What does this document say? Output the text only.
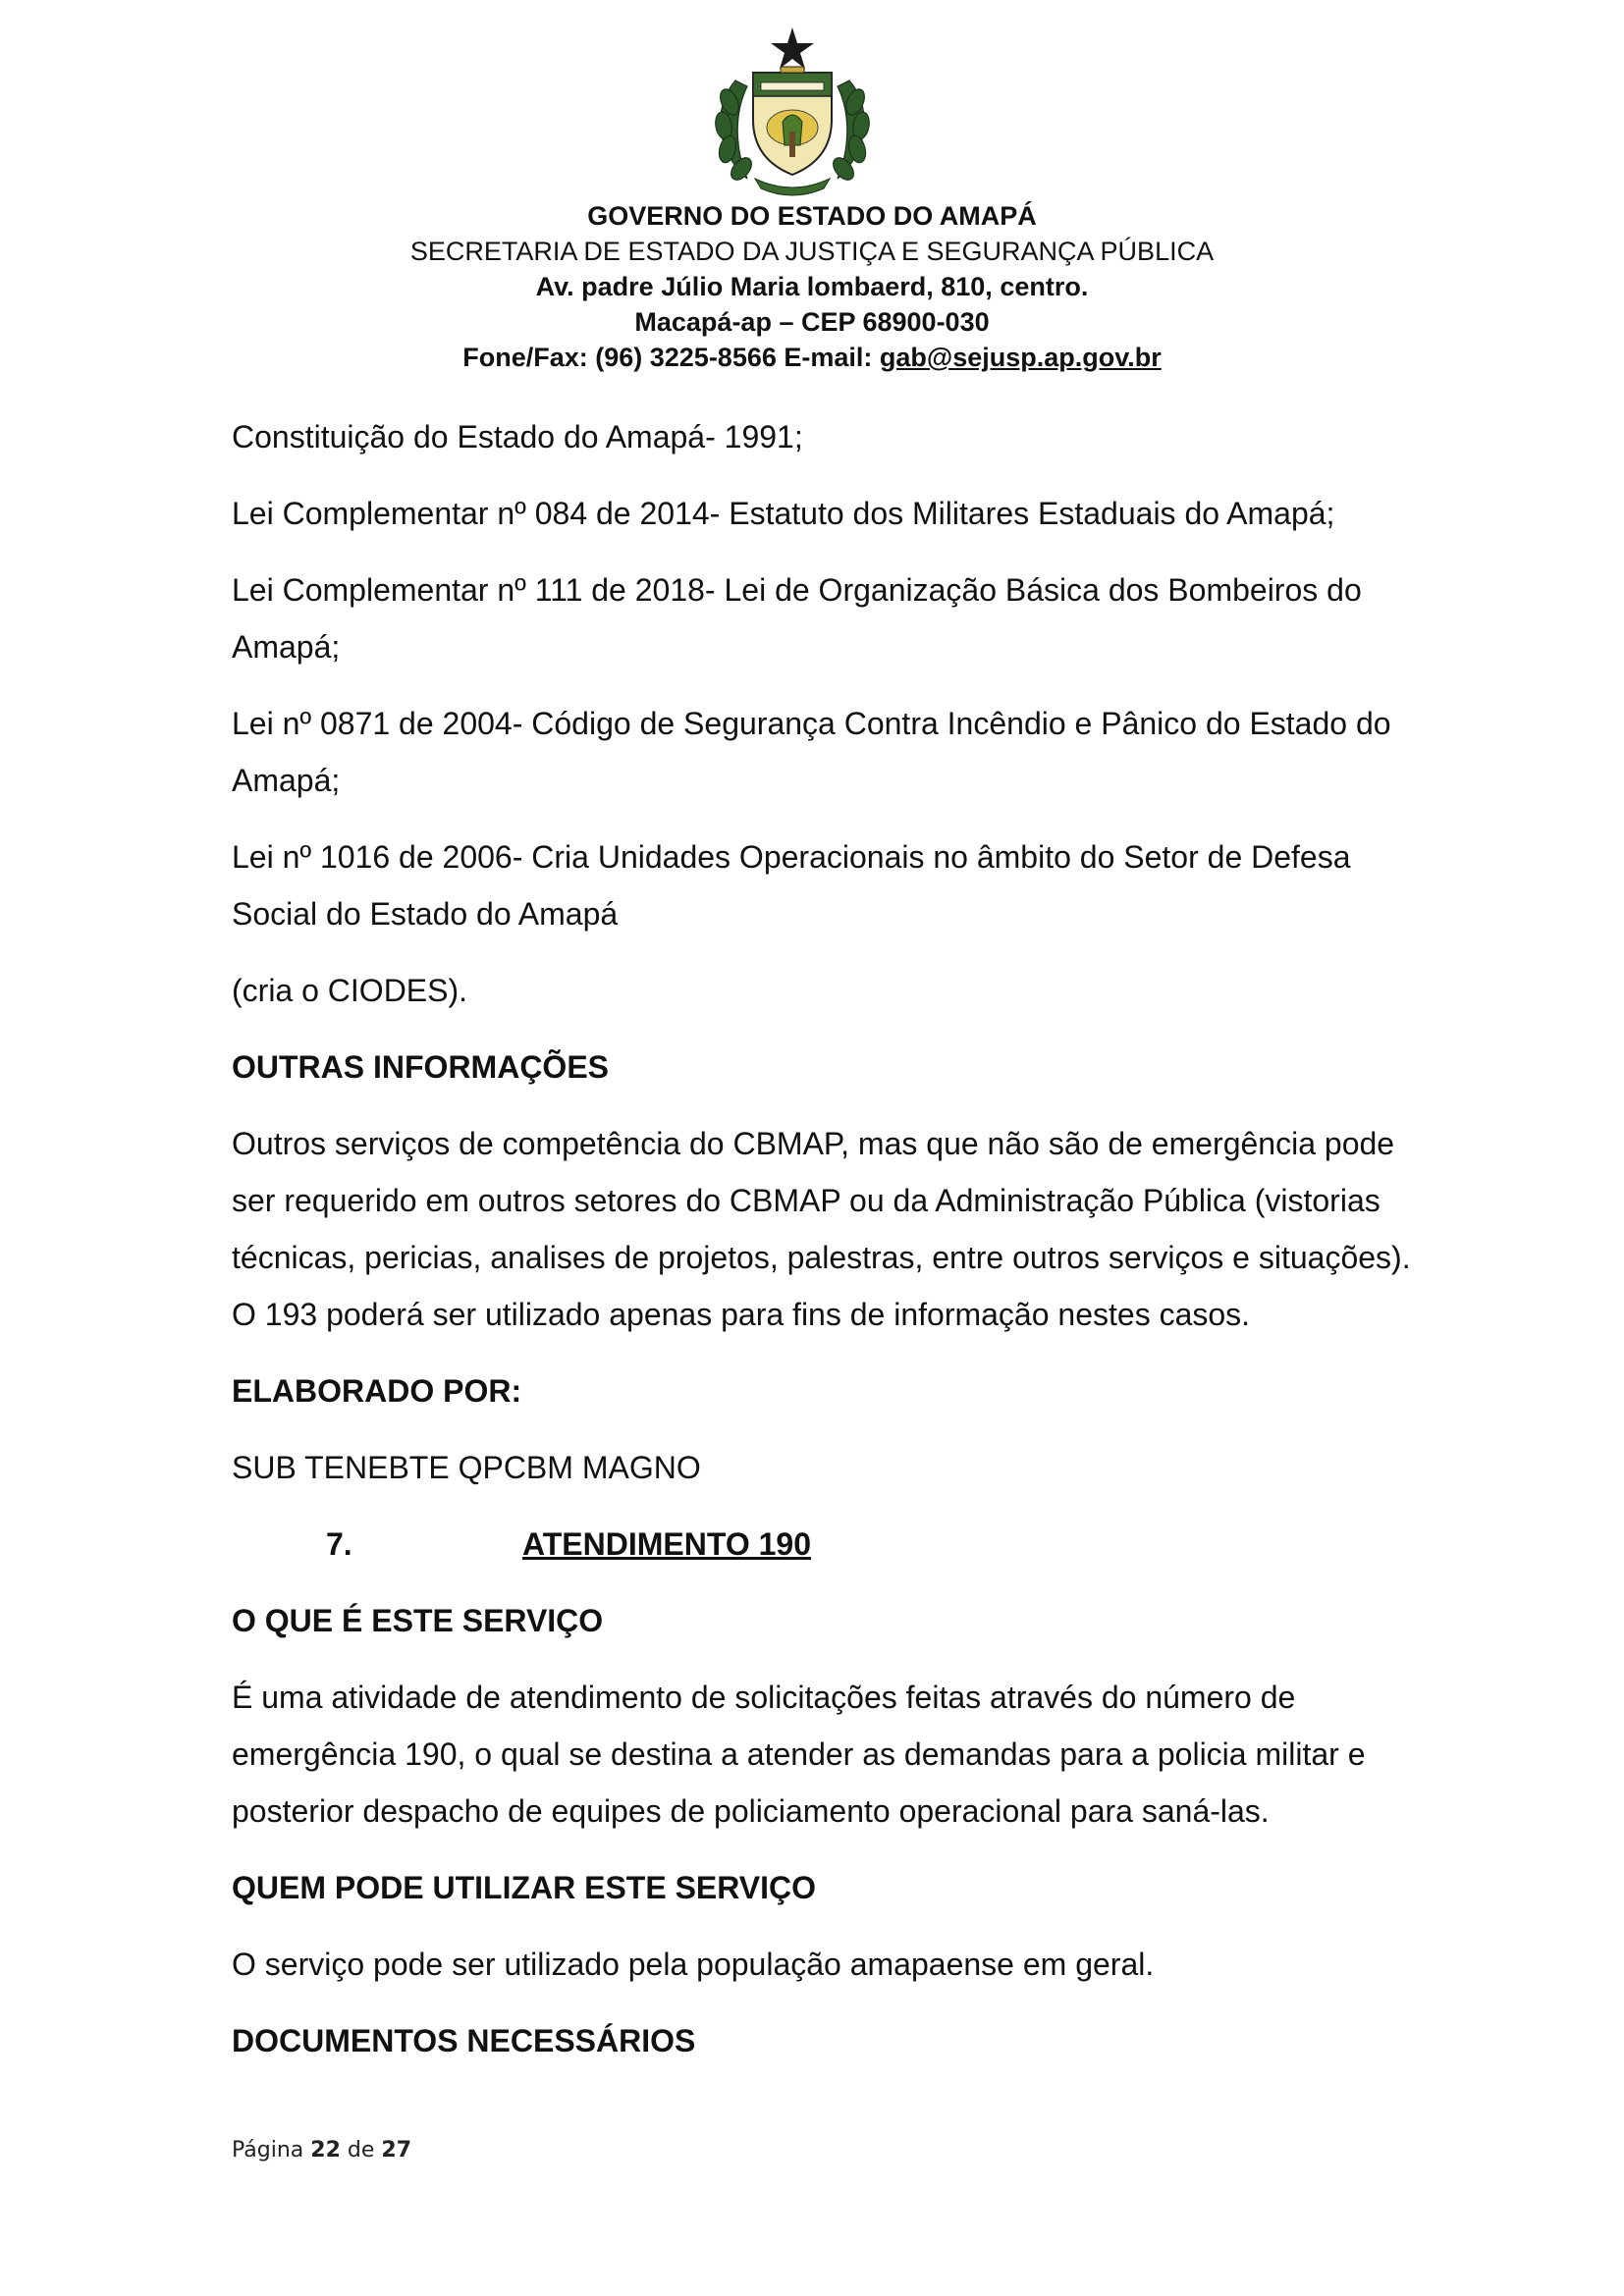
GOVERNO DO ESTADO DO AMAPÁ
SECRETARIA DE ESTADO DA JUSTIÇA E SEGURANÇA PÚBLICA
Av. padre Júlio Maria lombaerd, 810, centro.
Macapá-ap – CEP 68900-030
Fone/Fax: (96) 3225-8566 E-mail: gab@sejusp.ap.gov.br

Constituição do Estado do Amapá- 1991;

Lei Complementar nº 084 de 2014- Estatuto dos Militares Estaduais do Amapá;

Lei Complementar nº 111 de 2018- Lei de Organização Básica dos Bombeiros do

Amapá;

Lei nº 0871 de 2004- Código de Segurança Contra Incêndio e Pânico do Estado do

Amapá;

Lei nº 1016 de 2006- Cria Unidades Operacionais no âmbito do Setor de Defesa

Social do Estado do Amapá

(cria o CIODES).

OUTRAS INFORMAÇÕES

Outros serviços de competência do CBMAP, mas que não são de emergência pode

ser requerido em outros setores do CBMAP ou da Administração Pública (vistorias

técnicas, pericias, analises de projetos, palestras, entre outros serviços e situações).

O 193 poderá ser utilizado apenas para fins de informação nestes casos.

ELABORADO POR:

SUB TENEBTE QPCBM MAGNO

7.	ATENDIMENTO 190

O QUE É ESTE SERVIÇO

É uma atividade de atendimento de solicitações feitas através do número de

emergência 190, o qual se destina a atender as demandas para a policia militar e

posterior despacho de equipes de policiamento operacional para saná-las.

QUEM PODE UTILIZAR ESTE SERVIÇO

O serviço pode ser utilizado pela população amapaense em geral.

DOCUMENTOS NECESSÁRIOS

Página 22 de 27
